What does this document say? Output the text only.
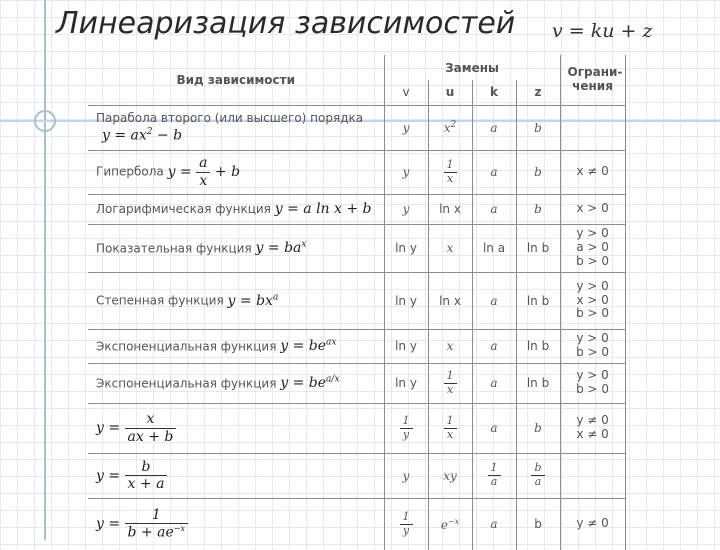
Линеаризация зависимостей v = ku + z
Вид зависимости	Замены				Ограни-чения
	v	u	k	z	

Парабола второго (или высшего) порядка
$y = ax^2 - b$	y	$x^2$	a	b	
Гипербола $y = \frac{a}{x} + b$	y	$\frac{1}{x}$	a	b	x ≠ 0

Логарифмическая функция y = a ln x + b	y	ln x	a	b	x > 0

Показательная функция $y = ba^x$	ln y	x	ln a	ln b	y > 0
a > 0
b > 0

Степенная функция $y = bx^a$	ln y	ln x	a	ln b	y > 0
x > 0
b > 0

Экспоненциальная функция $y = be^{ax}$	ln y	x	a	ln b	y > 0
b > 0

Экспоненциальная функция $y = be^{a/x}$	ln y	$\frac{1}{x}$	a	ln b	y > 0
b > 0

$y = \frac{x}{ax + b}$	$\frac{1}{y}$	$\frac{1}{x}$	a	b	y ≠ 0
x ≠ 0

$y = \frac{b}{x + a}$	y	xy	$\frac{1}{a}$	$\frac{b}{a}$

$y = \frac{1}{b + ae^{-x}}$	$\frac{1}{y}$	$e^{-x}$	a	b	y ≠ 0
